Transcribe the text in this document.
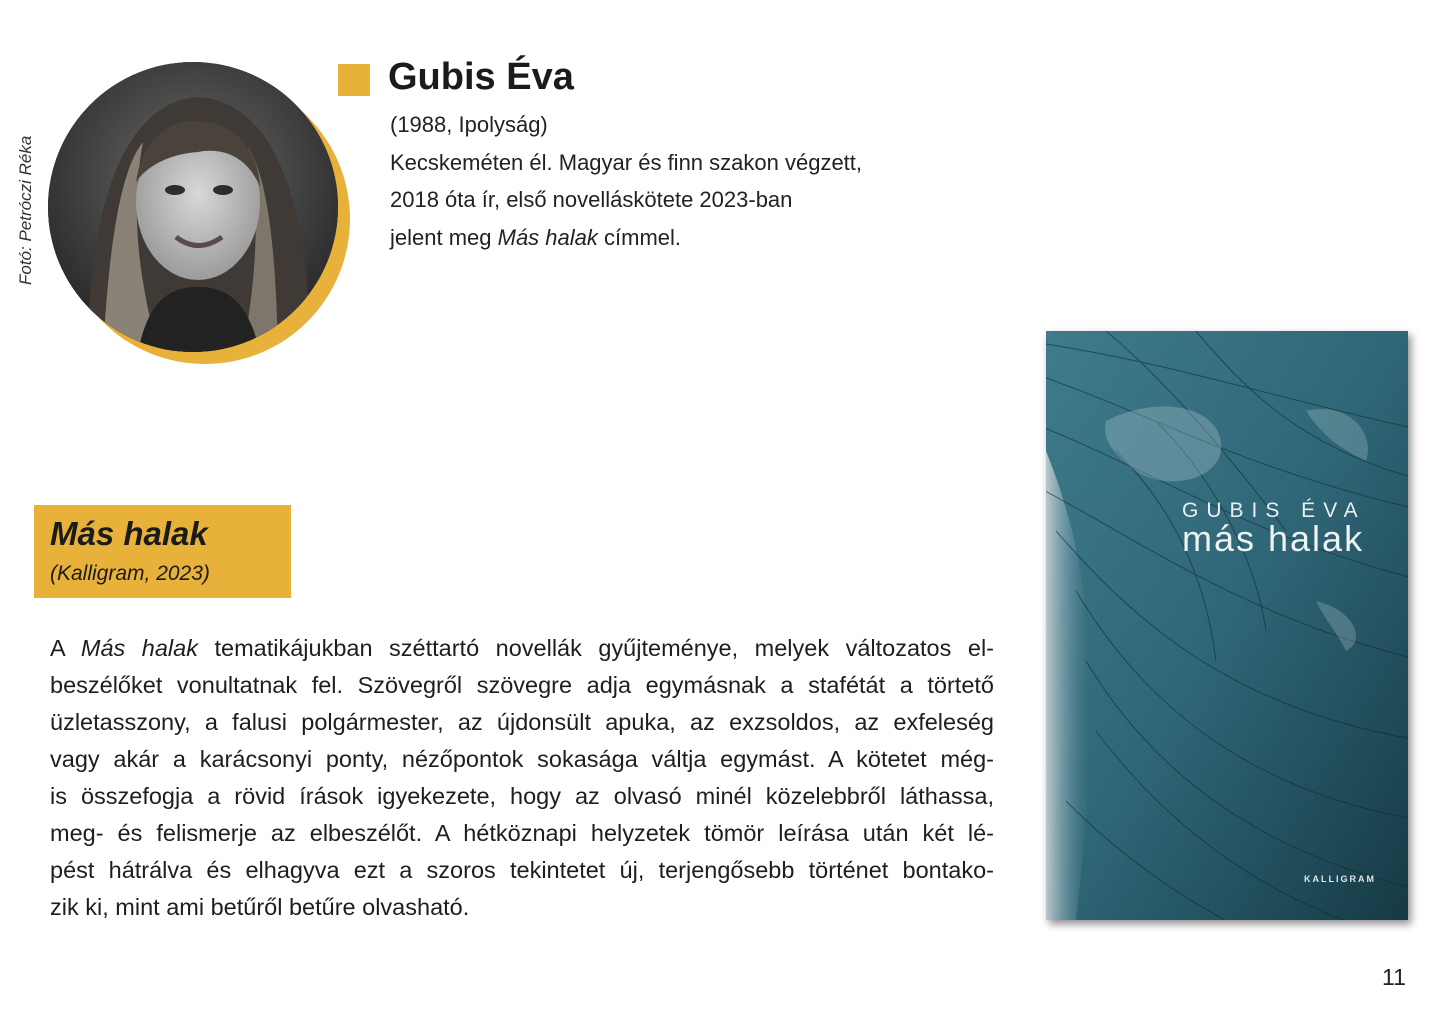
Fotó: Petróczi Réka
Gubis Éva
(1988, Ipolyság)
Kecskeméten él. Magyar és finn szakon végzett,
2018 óta ír, első novelláskötete 2023-ban
jelent meg Más halak címmel.
Más halak
(Kalligram, 2023)
A Más halak tematikájukban széttartó novellák gyűjteménye, melyek változatos el-
beszélőket vonultatnak fel. Szövegről szövegre adja egymásnak a stafétát a törtető
üzletasszony, a falusi polgármester, az újdonsült apuka, az exzsoldos, az exfeleség
vagy akár a karácsonyi ponty, nézőpontok sokasága váltja egymást. A kötetet még-
is összefogja a rövid írások igyekezete, hogy az olvasó minél közelebbről láthassa,
meg- és felismerje az elbeszélőt. A hétköznapi helyzetek tömör leírása után két lé-
pést hátrálva és elhagyva ezt a szoros tekintetet új, terjengősebb történet bontako-
zik ki, mint ami betűről betűre olvasható.
GUBIS ÉVA
más halak
KALLIGRAM
11
